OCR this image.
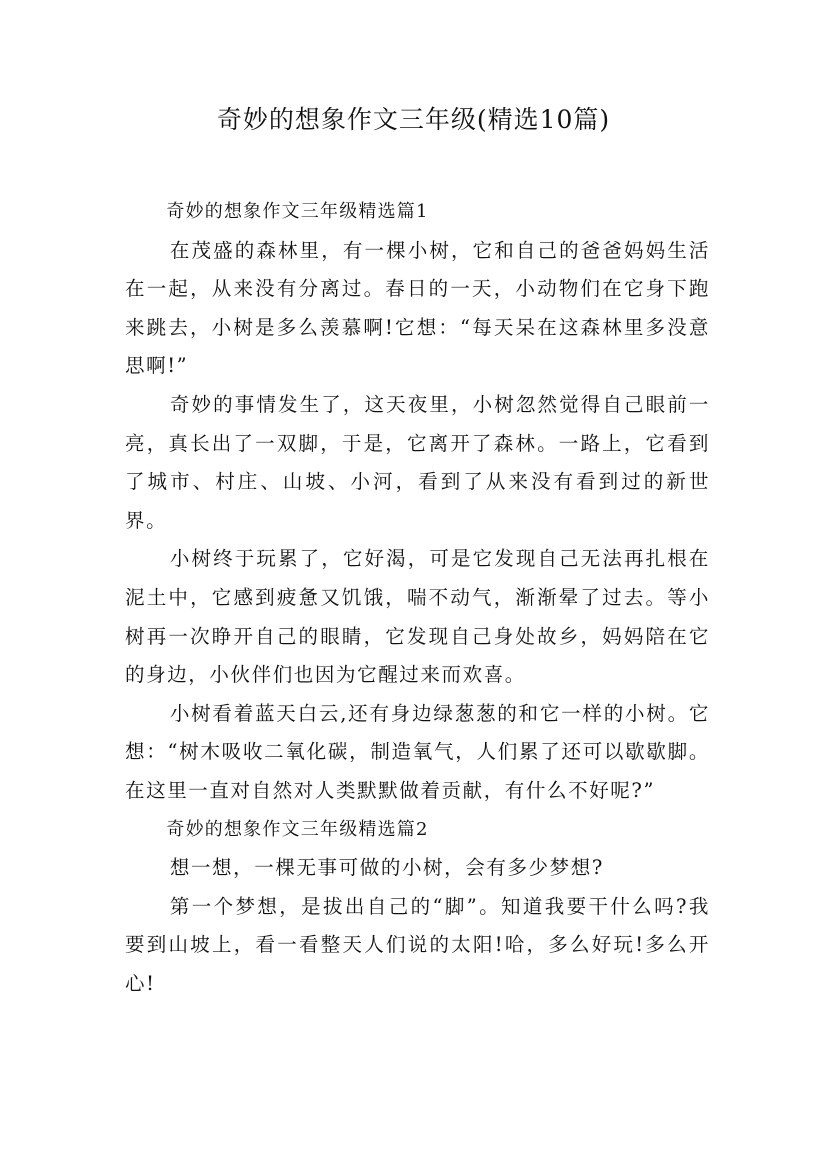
奇妙的想象作文三年级(精选10篇)

奇妙的想象作文三年级精选篇1

在茂盛的森林里，有一棵小树，它和自己的爸爸妈妈生活在一起，从来没有分离过。春日的一天，小动物们在它身下跑来跳去，小树是多么羡慕啊!它想：“每天呆在这森林里多没意思啊!”

奇妙的事情发生了，这天夜里，小树忽然觉得自己眼前一亮，真长出了一双脚，于是，它离开了森林。一路上，它看到了城市、村庄、山坡、小河，看到了从来没有看到过的新世界。

小树终于玩累了，它好渴，可是它发现自己无法再扎根在泥土中，它感到疲惫又饥饿，喘不动气，渐渐晕了过去。等小树再一次睁开自己的眼睛，它发现自己身处故乡，妈妈陪在它的身边，小伙伴们也因为它醒过来而欢喜。

小树看着蓝天白云,还有身边绿葱葱的和它一样的小树。它想：“树木吸收二氧化碳，制造氧气，人们累了还可以歇歇脚。在这里一直对自然对人类默默做着贡献，有什么不好呢?”

奇妙的想象作文三年级精选篇2

想一想，一棵无事可做的小树，会有多少梦想?

第一个梦想，是拔出自己的“脚”。知道我要干什么吗?我要到山坡上，看一看整天人们说的太阳!哈，多么好玩!多么开心!
